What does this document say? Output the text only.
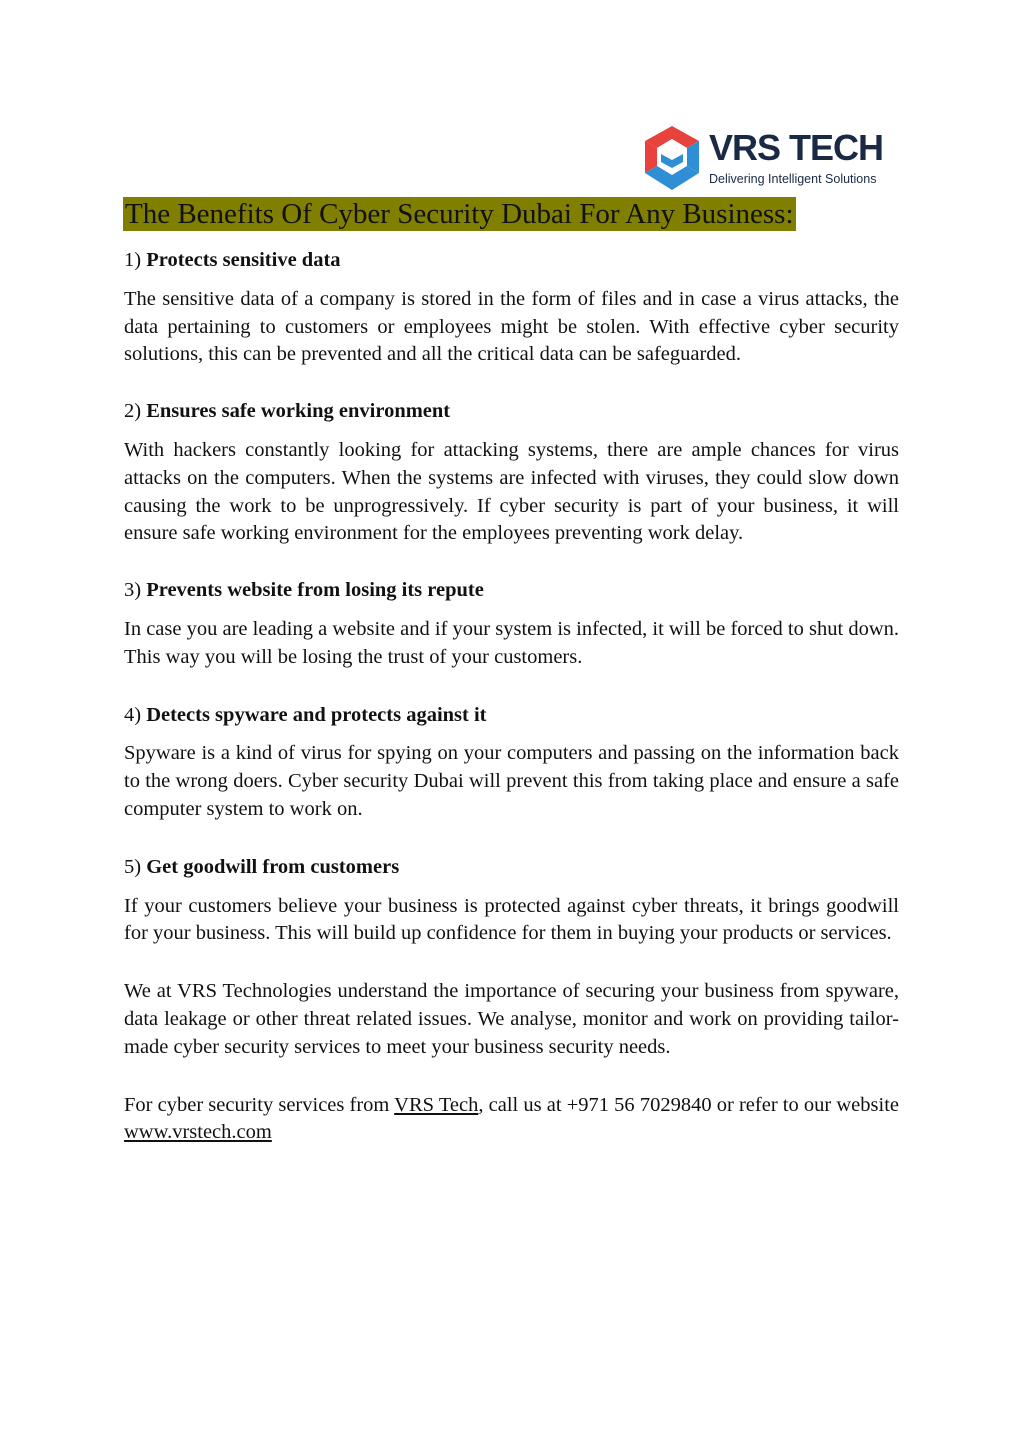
VRS TECH
Delivering Intelligent Solutions
The Benefits Of Cyber Security Dubai For Any Business:
1) Protects sensitive data

The sensitive data of a company is stored in the form of files and in case a virus attacks, the data pertaining to customers or employees might be stolen. With effective cyber security solutions, this can be prevented and all the critical data can be safeguarded.

2) Ensures safe working environment

With hackers constantly looking for attacking systems, there are ample chances for virus attacks on the computers. When the systems are infected with viruses, they could slow down causing the work to be unprogressively. If cyber security is part of your business, it will ensure safe working environment for the employees preventing work delay.

3) Prevents website from losing its repute

In case you are leading a website and if your system is infected, it will be forced to shut down. This way you will be losing the trust of your customers.

4) Detects spyware and protects against it

Spyware is a kind of virus for spying on your computers and passing on the information back to the wrong doers. Cyber security Dubai will prevent this from taking place and ensure a safe computer system to work on.

5) Get goodwill from customers

If your customers believe your business is protected against cyber threats, it brings goodwill for your business. This will build up confidence for them in buying your products or services.

We at VRS Technologies understand the importance of securing your business from spyware, data leakage or other threat related issues. We analyse, monitor and work on providing tailor-made cyber security services to meet your business security needs.

For cyber security services from VRS Tech, call us at +971 56 7029840 or refer to our website www.vrstech.com
